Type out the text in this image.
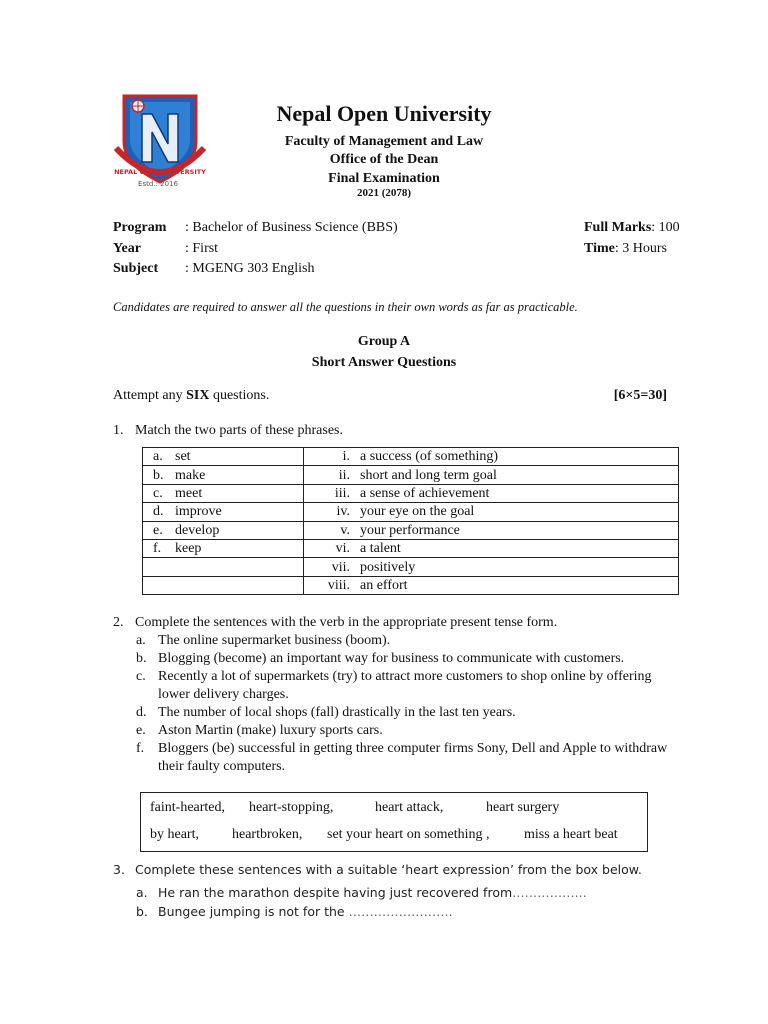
NEPAL OPEN UNIVERSITY
Estd.: 2016
Nepal Open University
Faculty of Management and Law
Office of the Dean
Final Examination
2021 (2078)
Program : Bachelor of Business Science (BBS)
Year	: First
Subject : MGENG 303 English
Full Marks: 100
Time: 3 Hours
Candidates are required to answer all the questions in their own words as far as practicable.
Group A
Short Answer Questions
Attempt any SIX questions.	[6×5=30]
1. Match the two parts of these phrases.
a. set	i. a success (of something)
b. make	ii. short and long term goal
c. meet	iii. a sense of achievement
d. improve	iv. your eye on the goal
e. develop	v. your performance
f. keep	vi. a talent
	vii. positively
	viii. an effort
2. Complete the sentences with the verb in the appropriate present tense form.
a. The online supermarket business (boom).
b. Blogging (become) an important way for business to communicate with customers.
c. Recently a lot of supermarkets (try) to attract more customers to shop online by offering
lower delivery charges.
d. The number of local shops (fall) drastically in the last ten years.
e. Aston Martin (make) luxury sports cars.
f. Bloggers (be) successful in getting three computer firms Sony, Dell and Apple to withdraw
their faulty computers.
faint-hearted, heart-stopping,	heart attack,	heart surgery
by heart, heartbroken, set your heart on something , miss a heart beat
3. Complete these sentences with a suitable ‘heart expression’ from the box below.
a. He ran the marathon despite having just recovered from……………...
b. Bungee jumping is not for the …………………….
